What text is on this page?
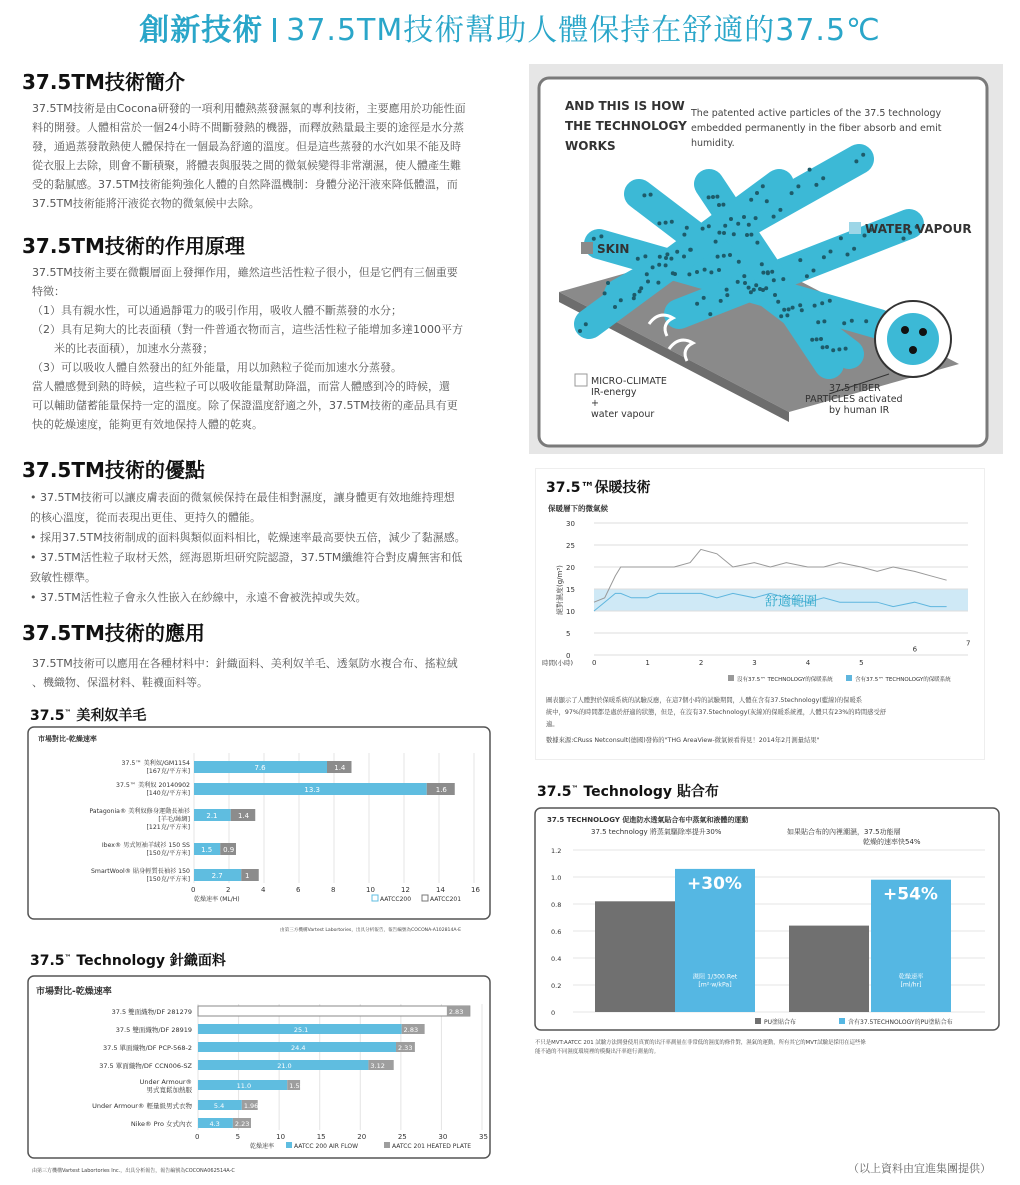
創新技術 37.5TM技術幫助人體保持在舒適的37.5℃
37.5TM技術簡介

37.5TM技術是由Cocona研發的一項利用體熱蒸發濕氣的專利技術，主要應用於功能性面

料的開發。人體相當於一個24小時不間斷發熱的機器，而釋放熱量最主要的途徑是水分蒸

發，通過蒸發散熱使人體保持在一個最為舒適的溫度。但是這些蒸發的水汽如果不能及時

從衣服上去除，則會不斷積聚，將體表與服裝之間的微氣候變得非常潮濕，使人體產生難

受的黏膩感。37.5TM技術能夠強化人體的自然降溫機制：身體分泌汗液來降低體溫，而

37.5TM技術能將汗液從衣物的微氣候中去除。

37.5TM技術的作用原理

37.5TM技術主要在微觀層面上發揮作用，雖然這些活性粒子很小，但是它們有三個重要

特徵：

（1）具有親水性，可以通過靜電力的吸引作用，吸收人體不斷蒸發的水分；

（2）具有足夠大的比表面積（對一件普通衣物而言，這些活性粒子能增加多達1000平方

米的比表面積），加速水分蒸發；

（3）可以吸收人體自然發出的紅外能量，用以加熱粒子從而加速水分蒸發。

當人體感覺到熱的時候，這些粒子可以吸收能量幫助降溫，而當人體感到冷的時候，還

可以輔助儲蓄能量保持一定的溫度。除了保證溫度舒適之外，37.5TM技術的產品具有更

快的乾燥速度，能夠更有效地保持人體的乾爽。

37.5TM技術的優點

• 37.5TM技術可以讓皮膚表面的微氣候保持在最佳相對濕度，讓身體更有效地維持理想

的核心溫度，從而表現出更佳、更持久的體能。

• 採用37.5TM技術制成的面料與類似面料相比，乾燥速率最高要快五倍，減少了黏濕感。

• 37.5TM活性粒子取材天然，經海恩斯坦研究院認證，37.5TM纖維符合對皮膚無害和低

致敏性標準。

• 37.5TM活性粒子會永久性嵌入在紗線中，永遠不會被洗掉或失效。

37.5TM技術的應用

37.5TM技術可以應用在各種材料中：針織面料、美利奴羊毛、透氣防水複合布、搖粒絨

、機織物、保溫材料、鞋襪面料等。

AND THIS IS HOW
THE TECHNOLOGY
WORKS
The patented active particles of the 37.5 technology
embedded permanently in the fiber absorb and emit
humidity.
SKIN
WATER VAPOUR
MICRO-CLIMATE
IR-energy
+
water vapour
37.5 FIBER
PARTICLES activated
by human IR
37.5™保暖技術
保暖層下的微氣候
30
25
20
15
10
5
0
絕對濕度(g/m³)
0	1	2	3	4	5
6
7
時間(小時)
舒適範圍
沒有37.5™ TECHNOLOGY的保暖系統	含有37.5™ TECHNOLOGY的保暖系統
圖表顯示了人體對於保暖系統的試驗反應，在這7個小時的試驗期間，人體在含有37.5technology(藍線)的保暖系
統中，97%的時間都是處於舒適的狀態，但是，在沒有37.5technology(灰線)的保暖系統裡，人體只有23%的時間感受舒
適。
數據來源:CRuss Netconsult(德國)發佈的"THG AreaView-微氣候看得見！2014年2月測量結果"
37.5™ 美利奴羊毛
市場對比-乾燥速率
0	2	4	6	8	10	12	14	16
7.6	1.4
37.5™ 美利奴/GM1154
[167克/平方米]
13.3	1.6
37.5™ 美利奴 20140902
[140克/平方米]
2.1	1.4
Patagonia® 美利奴修身運動長袖衫
[羊毛/絲綢]
[121克/平方米]
1.5 0.9
Ibex® 男式短袖羊絨衫 150 SS
[150克/平方米]
2.7	1
SmartWool® 貼身輕質長袖衫 150
[150克/平方米]
乾燥速率 (ML/H)	AATCC200	AATCC201
由第三方機構Vartest Labortories，出具分析報告，報告編號為COCONA-A102814A-E
37.5™ Technology 貼合布
37.5 TECHNOLOGY 促進防水透氣貼合布中蒸氣和液體的運動
37.5 technology 將蒸氣驅除率提升30%	如果貼合布的內裡潮濕，37.5功能層
乾燥的速率快54%
1.2
1.0
0.8
0.6
0.4
0.2
0
+30%
濕阻 1/300.Ret
[m²·w/kPa]
+54%
乾燥速率
[ml/hr]
PU塗貼合布	含有37.5TECHNOLOGY的PU塗貼合布
不只是MVT:AATCC 201 試驗方法開發使用真實的出汗率測量在非常低的濕度的條件對，濕氣的運動，所有其它的MVT試驗是採用在這些條
能不過的不同濕度環境裡的模擬出汗率進行測量的。
37.5™ Technology 針織面料
市場對比-乾燥速率
0	5	10	15	20	25	30	35
2.83
37.5 雙面織物/DF 281279
25.1	2.83
37.5 雙面織物/DF 28919
24.4	2.33
37.5 單面織物/DF PCP-568-2
21.0	3.12
37.5 單面織物/DF CCN006-SZ
11.0	1.58
Under Armour®
男式寬鬆加熱服
5.4	1.96
Under Armour® 輕量級男式衣物
4.3 2.23
Nike® Pro 女式內衣
乾燥速率	AATCC 200 AIR FLOW	AATCC 201 HEATED PLATE
由第三方機構Vartest Labortories Inc.，出具分析報告，報告編號為COCONA062514A-C	（以上資料由宜進集團提供）
